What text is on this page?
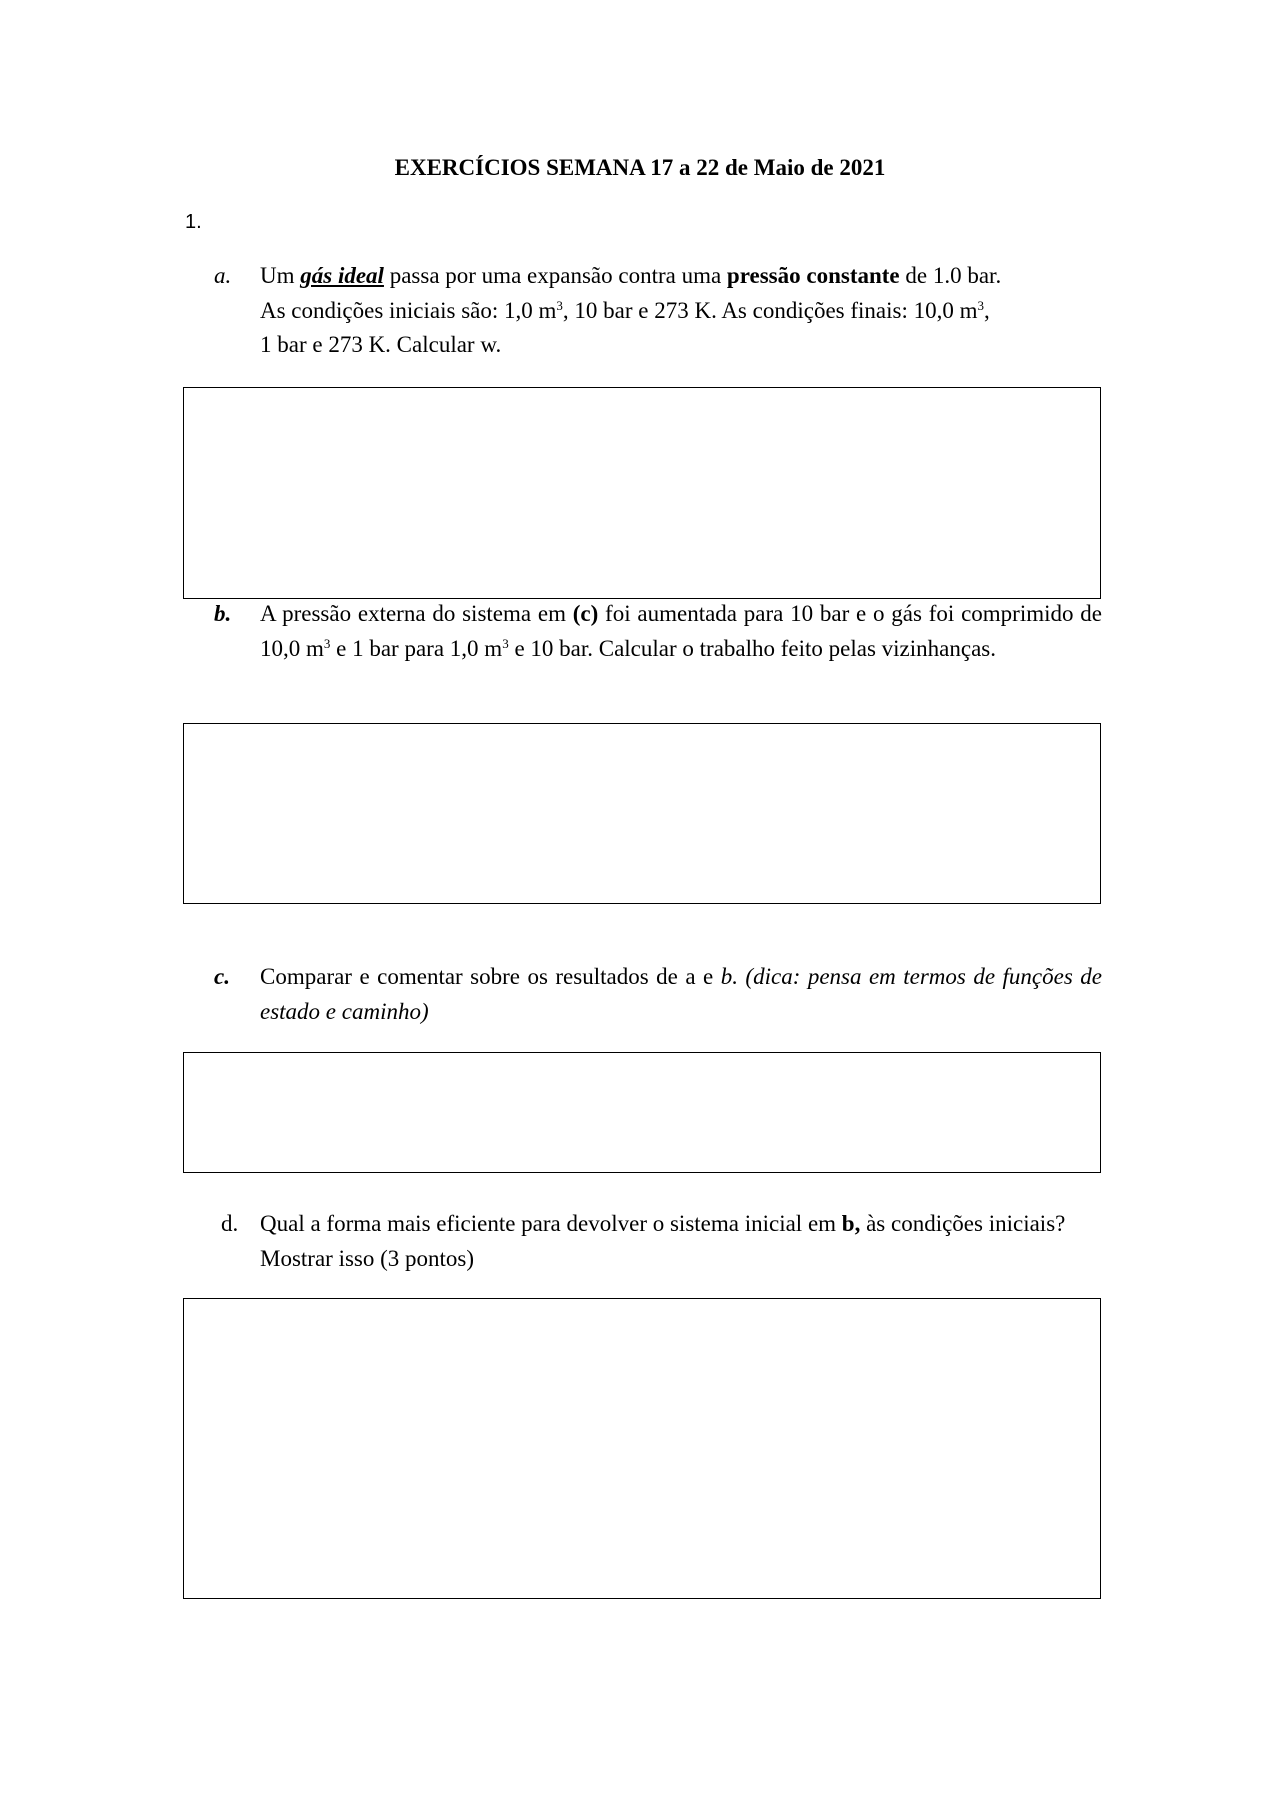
EXERCÍCIOS SEMANA 17 a 22 de Maio de 2021
1.
a. Um gás ideal passa por uma expansão contra uma pressão constante de 1.0 bar.
As condições iniciais são: 1,0 $m^3$, 10 bar e 273 K. As condições finais: 10,0 $m^3$,
1 bar e 273 K. Calcular w.
b. A pressão externa do sistema em (c) foi aumentada para 10 bar e o gás foi comprimido de 10,0 $m^3$ e 1 bar para 1,0 $m^3$ e 10 bar. Calcular o trabalho feito pelas vizinhanças.
c. Comparar e comentar sobre os resultados de a e b. (dica: pensa em termos de funções de estado e caminho)
d. Qual a forma mais eficiente para devolver o sistema inicial em b, às condições iniciais? Mostrar isso (3 pontos)
